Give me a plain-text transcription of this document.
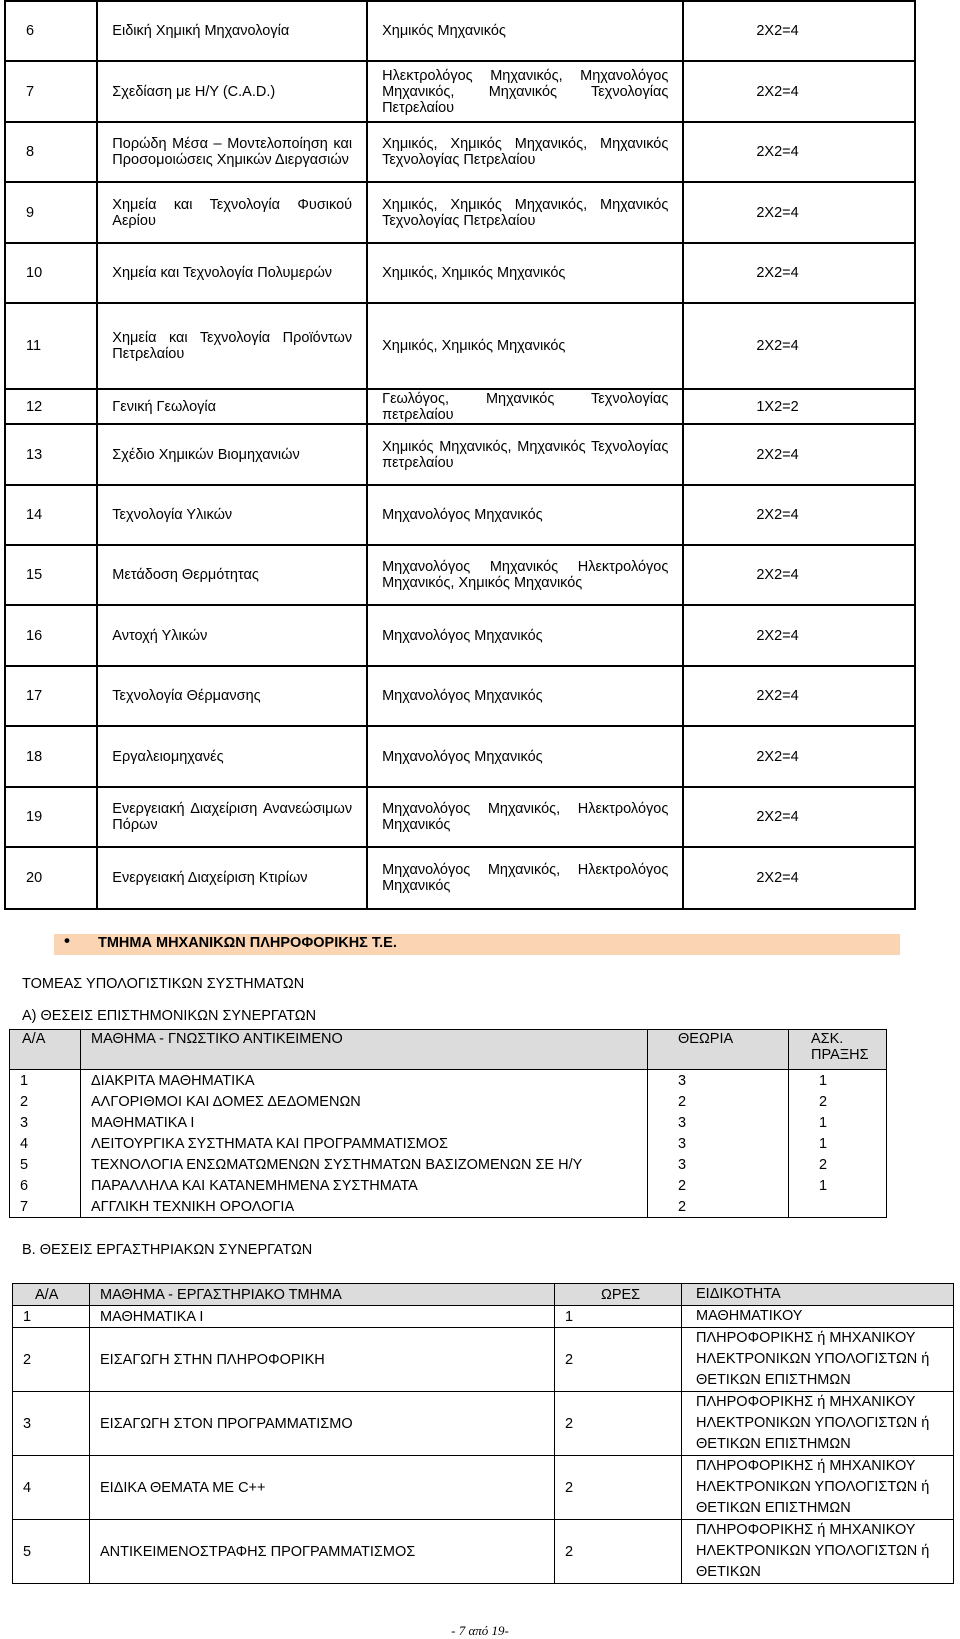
6	Ειδική Χημική Μηχανολογία	Χημικός Μηχανικός	2Χ2=4
7	Σχεδίαση με Η/Υ (C.A.D.)	Ηλεκτρολόγος Μηχανικός, Μηχανολόγος Μηχανικός, Μηχανικός Τεχνολογίας Πετρελαίου	2Χ2=4
8	Πορώδη Μέσα – Μοντελοποίηση και Προσομοιώσεις Χημικών Διεργασιών	Χημικός, Χημικός Μηχανικός, Μηχανικός Τεχνολογίας Πετρελαίου	2Χ2=4
9	Χημεία και Τεχνολογία Φυσικού Αερίου	Χημικός, Χημικός Μηχανικός, Μηχανικός Τεχνολογίας Πετρελαίου	2Χ2=4
10	Χημεία και Τεχνολογία Πολυμερών	Χημικός, Χημικός Μηχανικός	2Χ2=4
11	Χημεία και Τεχνολογία Προϊόντων Πετρελαίου	Χημικός, Χημικός Μηχανικός	2Χ2=4
12	Γενική Γεωλογία	Γεωλόγος, Μηχανικός Τεχνολογίας πετρελαίου	1Χ2=2
13	Σχέδιο Χημικών Βιομηχανιών	Χημικός Μηχανικός, Μηχανικός Τεχνολογίας πετρελαίου	2Χ2=4
14	Τεχνολογία Υλικών	Μηχανολόγος Μηχανικός	2Χ2=4
15	Μετάδοση Θερμότητας	Μηχανολόγος Μηχανικός Ηλεκτρολόγος Μηχανικός, Χημικός Μηχανικός	2Χ2=4
16	Αντοχή Υλικών	Μηχανολόγος Μηχανικός	2Χ2=4
17	Τεχνολογία Θέρμανσης	Μηχανολόγος Μηχανικός	2Χ2=4
18	Εργαλειομηχανές	Μηχανολόγος Μηχανικός	2Χ2=4
19	Ενεργειακή Διαχείριση Ανανεώσιμων Πόρων	Μηχανολόγος Μηχανικός, Ηλεκτρολόγος Μηχανικός	2Χ2=4
20	Ενεργειακή Διαχείριση Κτιρίων	Μηχανολόγος Μηχανικός, Ηλεκτρολόγος Μηχανικός	2Χ2=4
• ΤΜΗΜΑ ΜΗΧΑΝΙΚΩΝ ΠΛΗΡΟΦΟΡΙΚΗΣ Τ.Ε.
ΤΟΜΕΑΣ ΥΠΟΛΟΓΙΣΤΙΚΩΝ ΣΥΣΤΗΜΑΤΩΝ
Α) ΘΕΣΕΙΣ ΕΠΙΣΤΗΜΟΝΙΚΩΝ ΣΥΝΕΡΓΑΤΩΝ
Α/Α	ΜΑΘΗΜΑ - ΓΝΩΣΤΙΚΟ ΑΝΤΙΚΕΙΜΕΝΟ	ΘΕΩΡΙΑ	ΑΣΚ. ΠΡΑΞΗΣ
1	ΔΙΑΚΡΙΤΑ ΜΑΘΗΜΑΤΙΚΑ	3	1
2	ΑΛΓΟΡΙΘΜΟΙ ΚΑΙ ΔΟΜΕΣ ΔΕΔΟΜΕΝΩΝ	2	2
3	ΜΑΘΗΜΑΤΙΚΑ Ι	3	1
4	ΛΕΙΤΟΥΡΓΙΚΑ ΣΥΣΤΗΜΑΤΑ ΚΑΙ ΠΡΟΓΡΑΜΜΑΤΙΣΜΟΣ	3	1
5	ΤΕΧΝΟΛΟΓΙΑ ΕΝΣΩΜΑΤΩΜΕΝΩΝ ΣΥΣΤΗΜΑΤΩΝ ΒΑΣΙΖΟΜΕΝΩΝ ΣΕ Η/Υ	3	2
6	ΠΑΡΑΛΛΗΛΑ ΚΑΙ ΚΑΤΑΝΕΜΗΜΕΝΑ ΣΥΣΤΗΜΑΤΑ	2	1
7	ΑΓΓΛΙΚΗ ΤΕΧΝΙΚΗ ΟΡΟΛΟΓΙΑ	2	
Β. ΘΕΣΕΙΣ ΕΡΓΑΣΤΗΡΙΑΚΩΝ ΣΥΝΕΡΓΑΤΩΝ
Α/Α	ΜΑΘΗΜΑ - ΕΡΓΑΣΤΗΡΙΑΚΟ ΤΜΗΜΑ	ΩΡΕΣ	ΕΙΔΙΚΟΤΗΤΑ
1	ΜΑΘΗΜΑΤΙΚΑ Ι	1	ΜΑΘΗΜΑΤΙΚΟΥ
2	ΕΙΣΑΓΩΓΗ ΣΤΗΝ ΠΛΗΡΟΦΟΡΙΚΗ	2	ΠΛΗΡΟΦΟΡΙΚΗΣ ή ΜΗΧΑΝΙΚΟΥ ΗΛΕΚΤΡΟΝΙΚΩΝ ΥΠΟΛΟΓΙΣΤΩΝ ή ΘΕΤΙΚΩΝ ΕΠΙΣΤΗΜΩΝ
3	ΕΙΣΑΓΩΓΗ ΣΤΟΝ ΠΡΟΓΡΑΜΜΑΤΙΣΜΟ	2	ΠΛΗΡΟΦΟΡΙΚΗΣ ή ΜΗΧΑΝΙΚΟΥ ΗΛΕΚΤΡΟΝΙΚΩΝ ΥΠΟΛΟΓΙΣΤΩΝ ή ΘΕΤΙΚΩΝ ΕΠΙΣΤΗΜΩΝ
4	ΕΙΔΙΚΑ ΘΕΜΑΤΑ ΜΕ C++	2	ΠΛΗΡΟΦΟΡΙΚΗΣ ή ΜΗΧΑΝΙΚΟΥ ΗΛΕΚΤΡΟΝΙΚΩΝ ΥΠΟΛΟΓΙΣΤΩΝ ή ΘΕΤΙΚΩΝ ΕΠΙΣΤΗΜΩΝ
5	ΑΝΤΙΚΕΙΜΕΝΟΣΤΡΑΦΗΣ ΠΡΟΓΡΑΜΜΑΤΙΣΜΟΣ	2	ΠΛΗΡΟΦΟΡΙΚΗΣ ή ΜΗΧΑΝΙΚΟΥ ΗΛΕΚΤΡΟΝΙΚΩΝ ΥΠΟΛΟΓΙΣΤΩΝ ή ΘΕΤΙΚΩΝ
- 7 από 19-
